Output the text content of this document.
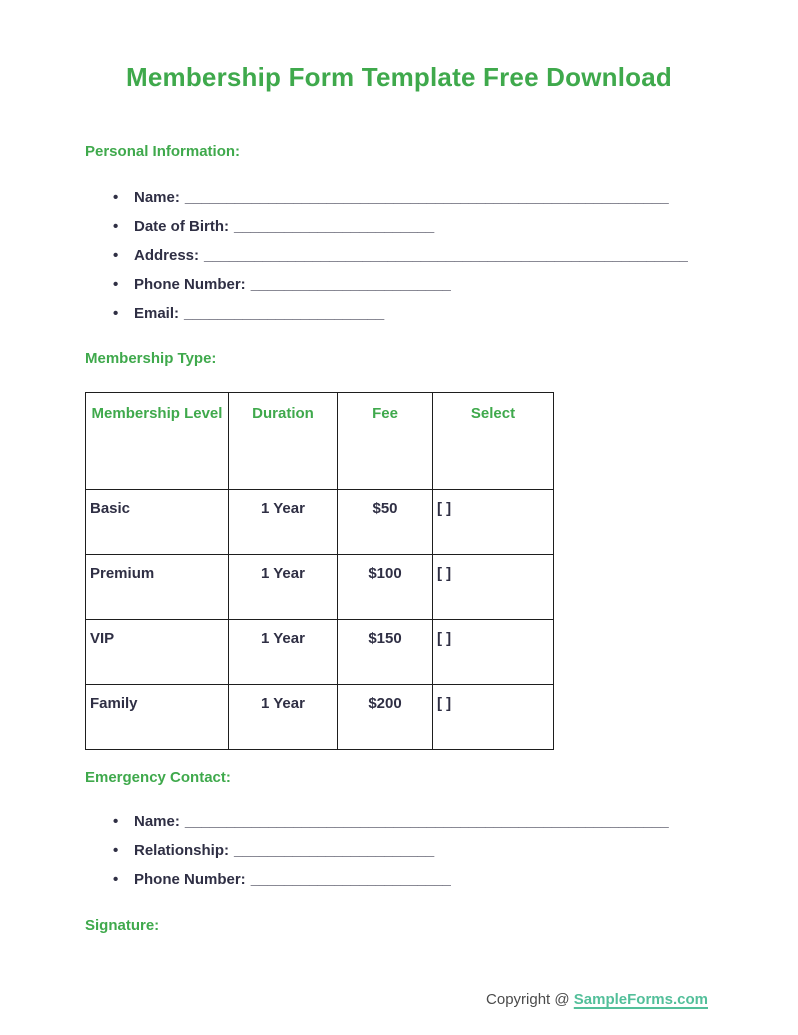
Membership Form Template Free Download
Personal Information:
• Name: __________________________________________________________
• Date of Birth: ________________________
• Address: __________________________________________________________
• Phone Number: ________________________
• Email: ________________________
Membership Type:
Membership Level	Duration	Fee	Select
Basic	1 Year	$50	[ ]
Premium	1 Year	$100	[ ]
VIP	1 Year	$150	[ ]
Family	1 Year	$200	[ ]
Emergency Contact:
• Name: __________________________________________________________
• Relationship: ________________________
• Phone Number: ________________________
Signature:
Copyright @ SampleForms.com
